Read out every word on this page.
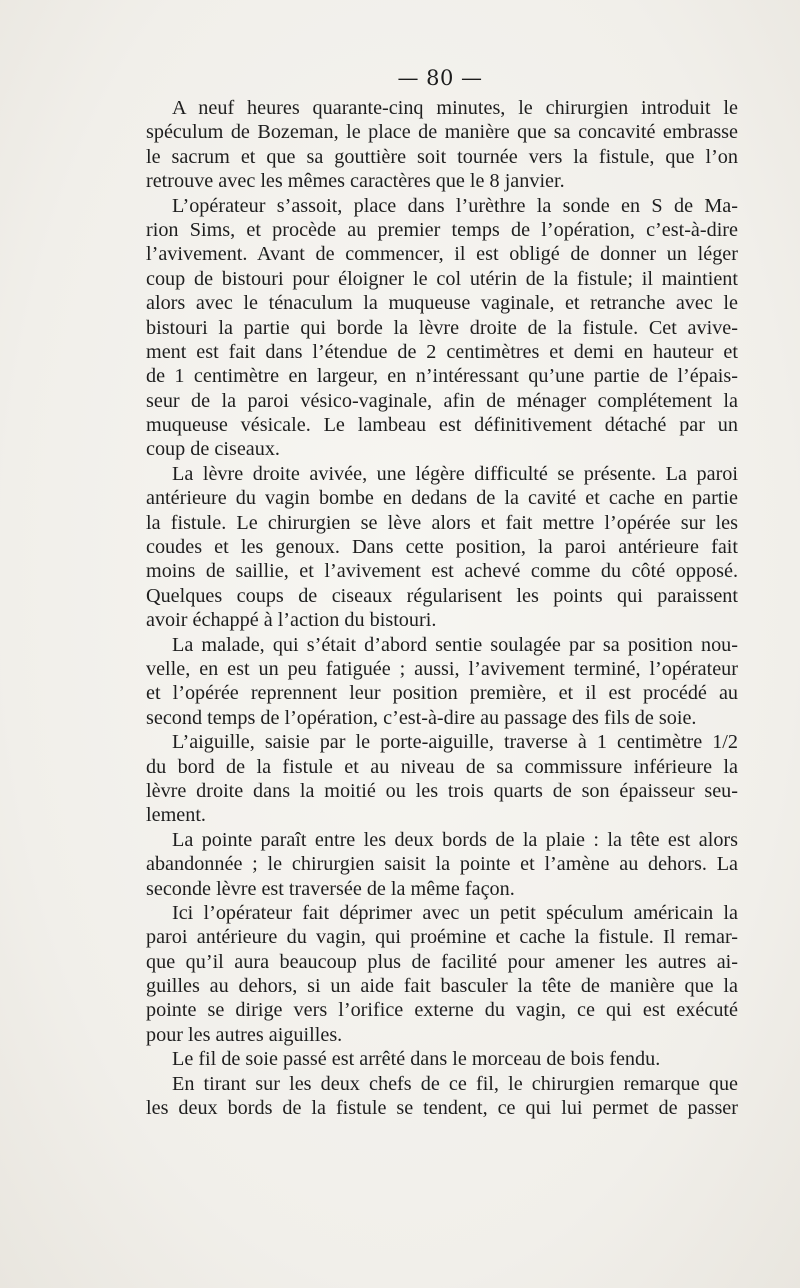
— 80 —
A neuf heures quarante-cinq minutes, le chirurgien introduit le
spéculum de Bozeman, le place de manière que sa concavité embrasse
le sacrum et que sa gouttière soit tournée vers la fistule, que l’on
retrouve avec les mêmes caractères que le 8 janvier.
L’opérateur s’assoit, place dans l’urèthre la sonde en S de Ma-
rion Sims, et procède au premier temps de l’opération, c’est-à-dire
l’avivement. Avant de commencer, il est obligé de donner un léger
coup de bistouri pour éloigner le col utérin de la fistule; il maintient
alors avec le ténaculum la muqueuse vaginale, et retranche avec le
bistouri la partie qui borde la lèvre droite de la fistule. Cet avive-
ment est fait dans l’étendue de 2 centimètres et demi en hauteur et
de 1 centimètre en largeur, en n’intéressant qu’une partie de l’épais-
seur de la paroi vésico-vaginale, afin de ménager complétement la
muqueuse vésicale. Le lambeau est définitivement détaché par un
coup de ciseaux.
La lèvre droite avivée, une légère difficulté se présente. La paroi
antérieure du vagin bombe en dedans de la cavité et cache en partie
la fistule. Le chirurgien se lève alors et fait mettre l’opérée sur les
coudes et les genoux. Dans cette position, la paroi antérieure fait
moins de saillie, et l’avivement est achevé comme du côté opposé.
Quelques coups de ciseaux régularisent les points qui paraissent
avoir échappé à l’action du bistouri.
La malade, qui s’était d’abord sentie soulagée par sa position nou-
velle, en est un peu fatiguée ; aussi, l’avivement terminé, l’opérateur
et l’opérée reprennent leur position première, et il est procédé au
second temps de l’opération, c’est-à-dire au passage des fils de soie.
L’aiguille, saisie par le porte-aiguille, traverse à 1 centimètre 1/2
du bord de la fistule et au niveau de sa commissure inférieure la
lèvre droite dans la moitié ou les trois quarts de son épaisseur seu-
lement.
La pointe paraît entre les deux bords de la plaie : la tête est alors
abandonnée ; le chirurgien saisit la pointe et l’amène au dehors. La
seconde lèvre est traversée de la même façon.
Ici l’opérateur fait déprimer avec un petit spéculum américain la
paroi antérieure du vagin, qui proémine et cache la fistule. Il remar-
que qu’il aura beaucoup plus de facilité pour amener les autres ai-
guilles au dehors, si un aide fait basculer la tête de manière que la
pointe se dirige vers l’orifice externe du vagin, ce qui est exécuté
pour les autres aiguilles.
Le fil de soie passé est arrêté dans le morceau de bois fendu.
En tirant sur les deux chefs de ce fil, le chirurgien remarque que
les deux bords de la fistule se tendent, ce qui lui permet de passer
